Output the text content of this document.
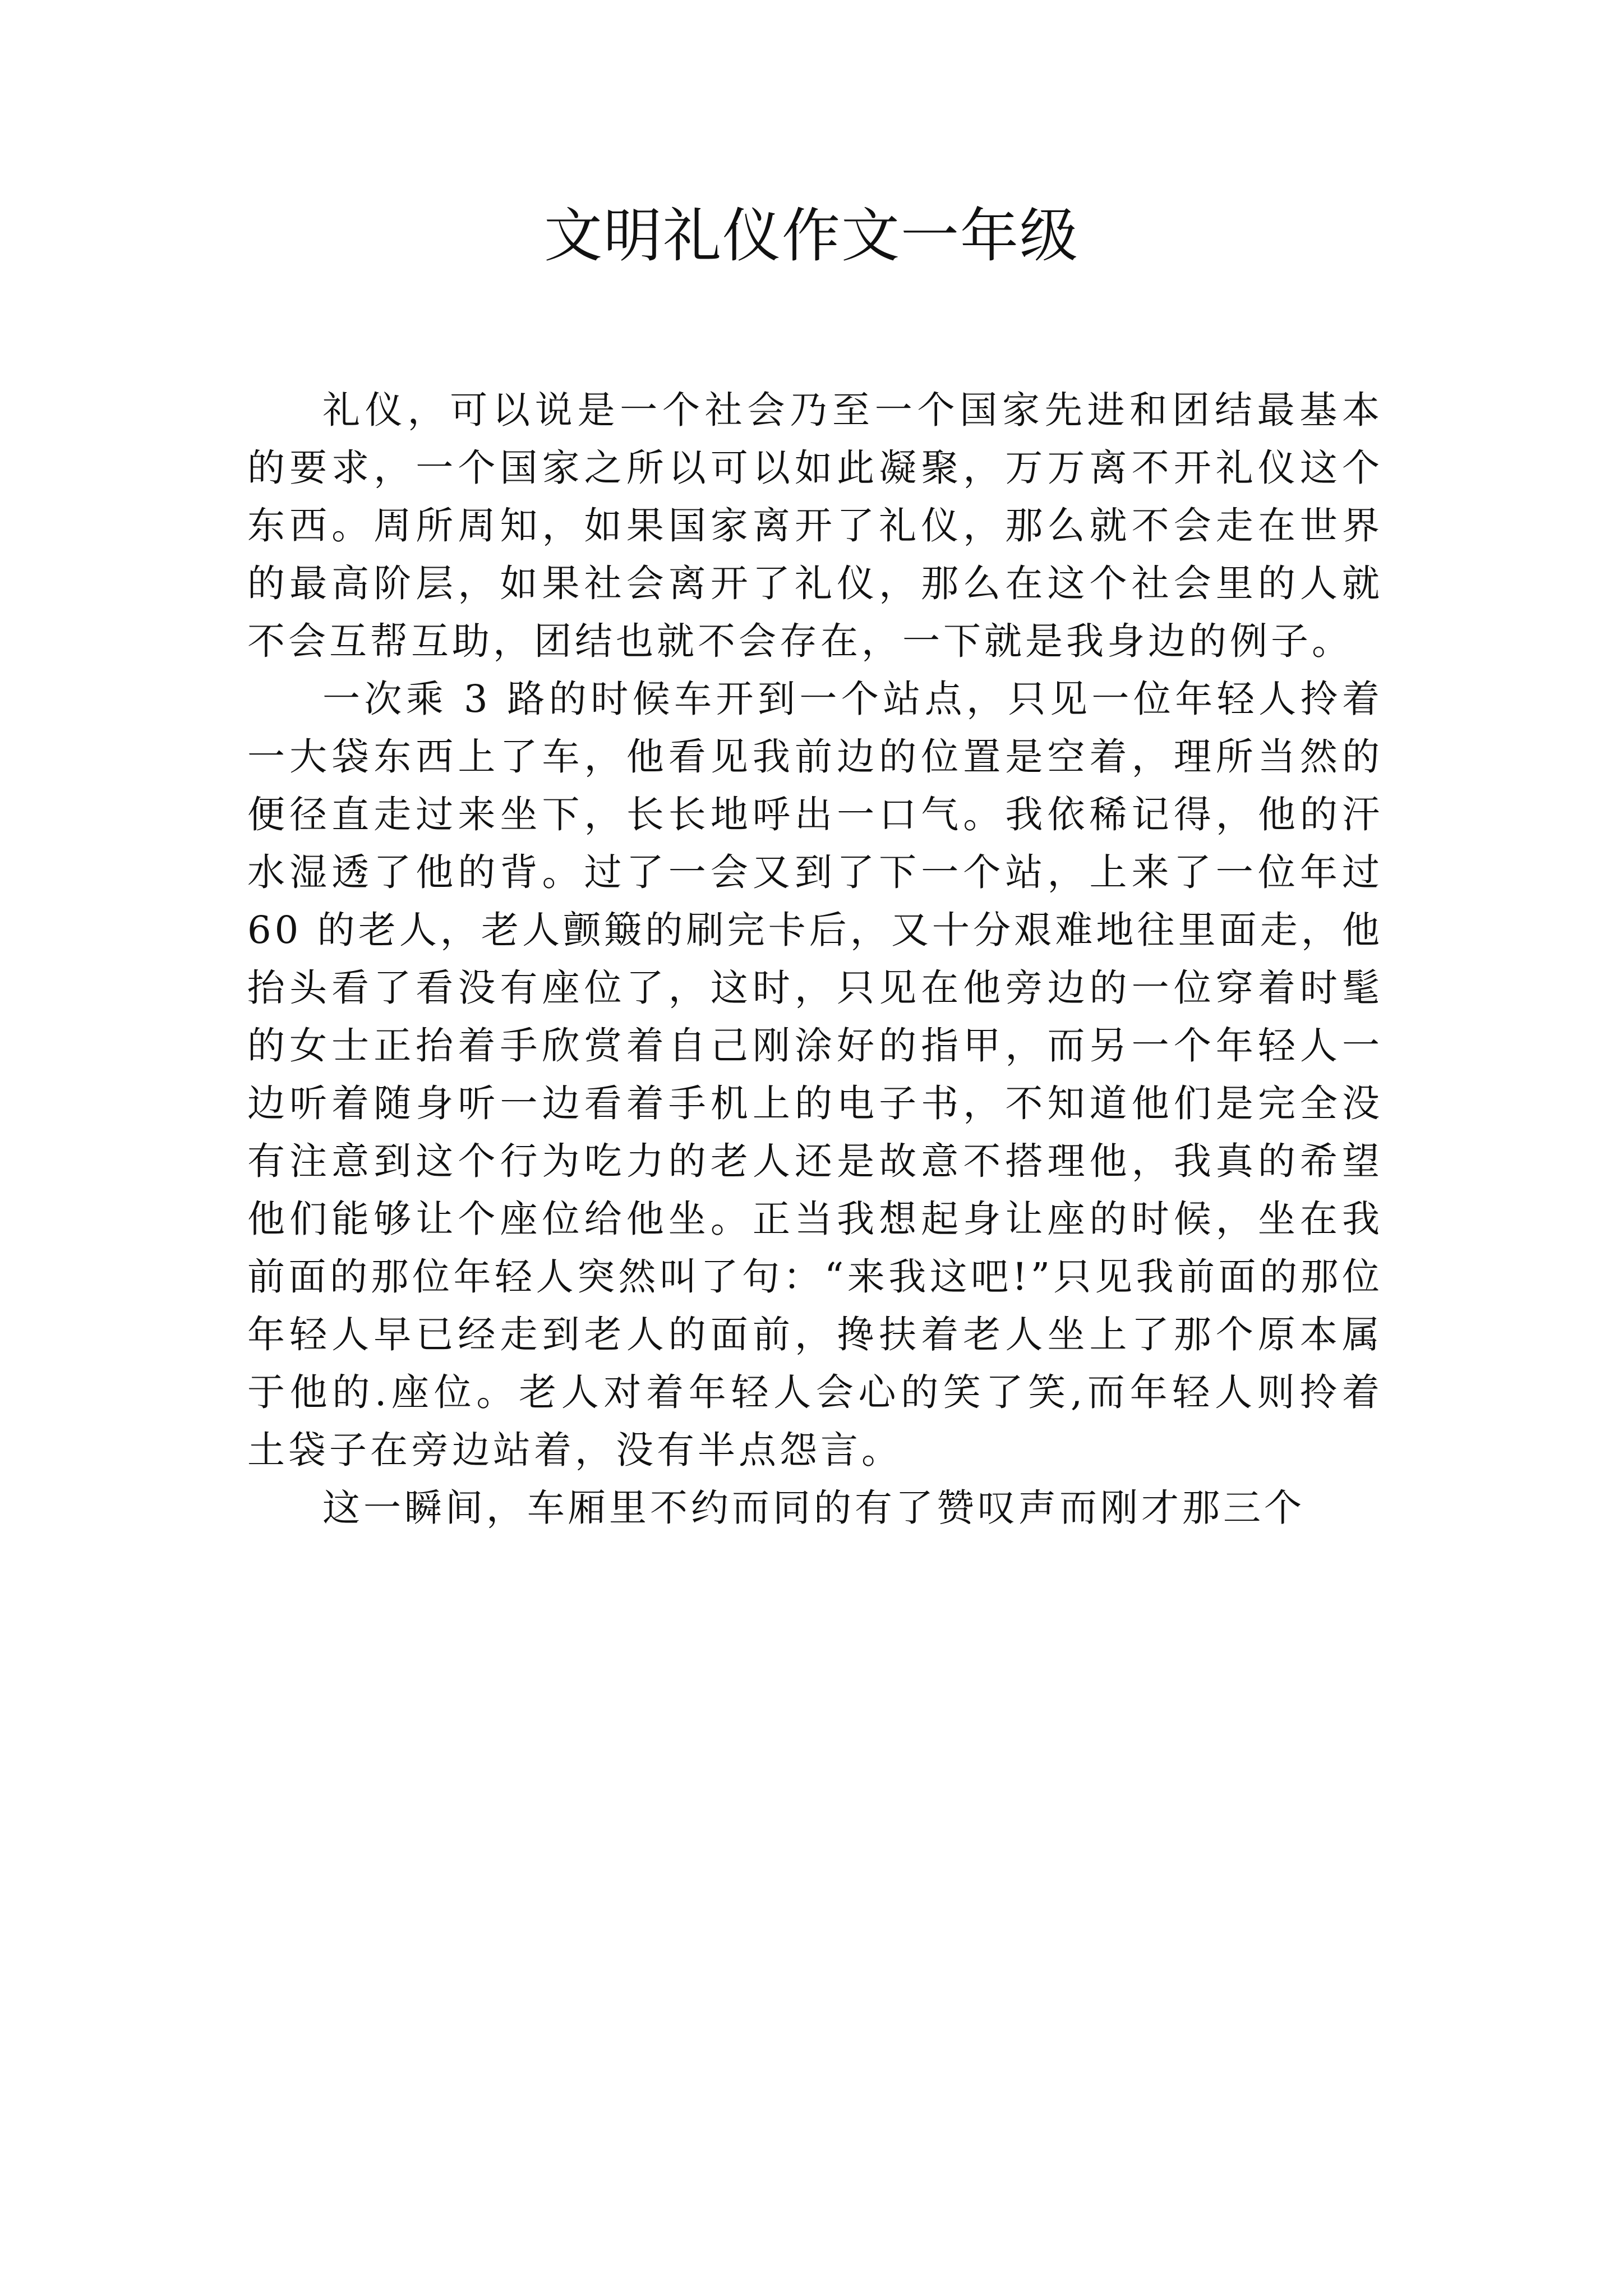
文明礼仪作文一年级

礼仪，可以说是一个社会乃至一个国家先进和团结最基本的要求，一个国家之所以可以如此凝聚，万万离不开礼仪这个东西。周所周知，如果国家离开了礼仪，那么就不会走在世界的最高阶层，如果社会离开了礼仪，那么在这个社会里的人就不会互帮互助，团结也就不会存在，一下就是我身边的例子。

一次乘 3 路的时候车开到一个站点，只见一位年轻人拎着一大袋东西上了车，他看见我前边的位置是空着，理所当然的便径直走过来坐下，长长地呼出一口气。我依稀记得，他的汗水湿透了他的背。过了一会又到了下一个站，上来了一位年过 60 的老人，老人颤簸的刷完卡后，又十分艰难地往里面走，他抬头看了看没有座位了，这时，只见在他旁边的一位穿着时髦的女士正抬着手欣赏着自己刚涂好的指甲，而另一个年轻人一边听着随身听一边看着手机上的电子书，不知道他们是完全没有注意到这个行为吃力的老人还是故意不搭理他，我真的希望他们能够让个座位给他坐。正当我想起身让座的时候，坐在我前面的那位年轻人突然叫了句：“来我这吧!”只见我前面的那位年轻人早已经走到老人的面前，搀扶着老人坐上了那个原本属于他的.座位。老人对着年轻人会心的笑了笑,而年轻人则拎着土袋子在旁边站着，没有半点怨言。

这一瞬间，车厢里不约而同的有了赞叹声而刚才那三个
